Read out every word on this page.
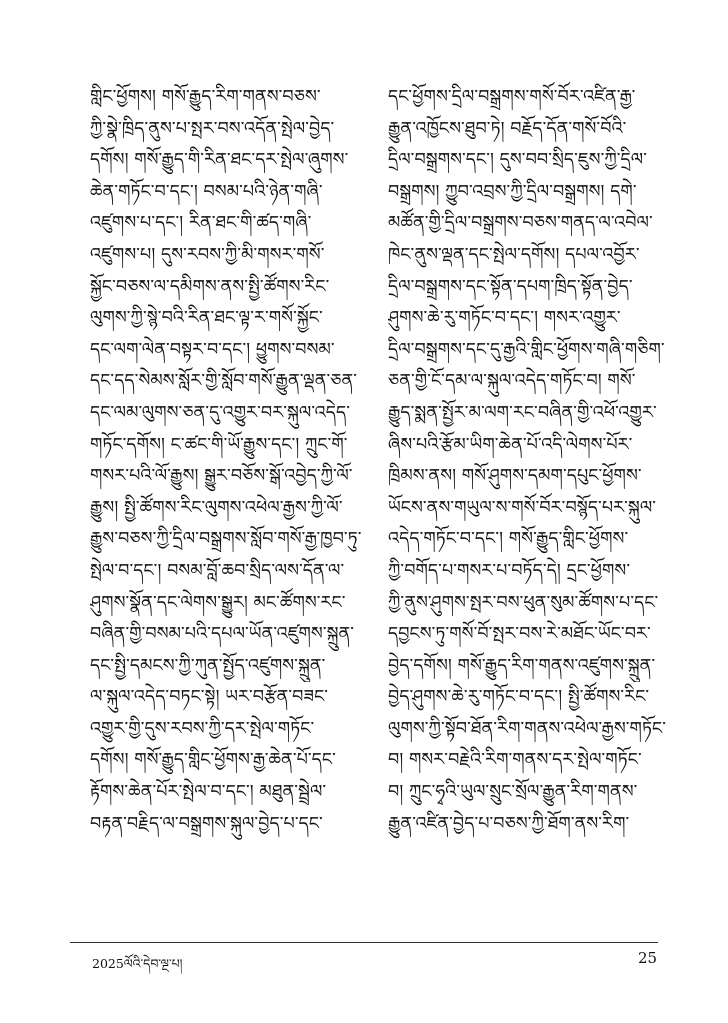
གླིང་ཕྱོགས། གསོ་རྒྱུད་རིག་གནས་བཅས་
ཀྱི་སྣེ་ཁྲིད་ནུས་པ་སྤར་བས་འདོན་སྤེལ་བྱེད་
དགོས། གསོ་རྒྱུད་གི་རིན་ཐང་དར་སྤེལ་ཞུགས་
ཆེན་གཏོང་བ་དང་། བསམ་པའི་ཉེན་གཞི་
འཛུགས་པ་དང་། རིན་ཐང་གི་ཚད་གཞི་
འཛུགས་པ། དུས་རབས་ཀྱི་མི་གསར་གསོ་
སྐྱོང་བཅས་ལ་དམིགས་ནས་སྤྱི་ཚོགས་རིང་
ལུགས་ཀྱི་སྙེ་བའི་རིན་ཐང་ལྟ་ར་གསོ་སྐྱོང་
དང་ལག་ལེན་བསྟར་བ་དང་། ཕྱུགས་བསམ་
དང་དད་སེམས་སློར་གྱི་སློབ་གསོ་རྒྱུན་ལྡན་ཅན་
དང་ལམ་ལུགས་ཅན་དུ་འགྱུར་བར་སྐུལ་འདེད་
གཏོང་དགོས། ང་ཚང་གི་ཡོ་རྒྱུས་དང་། ཀྲུང་གོ་
གསར་པའི་ལོ་རྒྱུས། སྒྱུར་བཅོས་སྒོ་འབྱེད་ཀྱི་ལོ་
རྒྱུས། སྤྱི་ཚོགས་རིང་ལུགས་འཕེལ་རྒྱས་ཀྱི་ལོ་
རྒྱུས་བཅས་ཀྱི་དྲིལ་བསྒྲགས་སློབ་གསོ་རྒྱ་ཁྱབ་ཏུ་
སྤེལ་བ་དང་། བསམ་བློ་ཆབ་སྲིད་ལས་དོན་ལ་
ཤུགས་སྣོན་དང་ལེགས་སྒྱུར། མང་ཚོགས་རང་
བཞིན་གྱི་བསམ་པའི་དཔལ་ཡོན་འཛུགས་སྐྲུན་
དང་སྤྱི་དམངས་ཀྱི་ཀུན་སྤྱོད་འཛུགས་སྐྲུན་
ལ་སྐུལ་འདེད་བཏང་སྟེ། ཡར་བརྩོན་བཟང་
འགྱུར་གྱི་དུས་རབས་ཀྱི་དར་སྤེལ་གཏོང་
དགོས། གསོ་རྒྱུད་གླིང་ཕྱོགས་རྒྱ་ཆེན་པོ་དང་
རྟོགས་ཆེན་པོར་སྤེལ་བ་དང་། མཐུན་སྦྲེལ་
བརྟན་བརྗིད་ལ་བསྒྲགས་སྐུལ་བྱེད་པ་དང་
དང་ཕྱོགས་དྲིལ་བསྒྲགས་གསོ་བོར་འཛིན་རྒྱ་
རྒྱུན་འཁྱོངས་ཐུབ་ཏེ། བརྗོད་དོན་གསོ་བོའི་
དྲིལ་བསྒྲགས་དང་། དུས་བབ་སྲིད་ཇུས་ཀྱི་དྲིལ་
བསྒྲགས། ཀྱུབ་འབྲས་ཀྱི་དྲིལ་བསྒྲགས། དགེ་
མཚོན་གྱི་དྲིལ་བསྒྲགས་བཅས་གནད་ལ་འབེལ་
ཁེང་ནུས་ལྡན་དང་སྤེལ་དགོས། དཔལ་འབྱོར་
དྲིལ་བསྒྲགས་དང་སྟོན་དཔག་ཁྲིད་སྟོན་བྱེད་
ཤུགས་ཆེ་རུ་གཏོང་བ་དང་། གསར་འགྱུར་
དྲིལ་བསྒྲགས་དང་དུ་རྒྱའི་གླིང་ཕྱོགས་གཞི་གཅིག་
ཅན་གྱི་ངོ་དམ་ལ་སྐུལ་འདེད་གཏོང་བ། གསོ་
རྒྱུད་སྨན་སྤྱོར་མ་ལག་རང་བཞིན་གྱི་འཕོ་འགྱུར་
ཞིས་པའི་རྩོམ་ཡིག་ཆེན་པོ་འདི་ལེགས་པོར་
ཁྲིམས་ནས། གསོ་ཤུགས་དམག་དཔུང་ཕྱོགས་
ཡོངས་ནས་གཡུལ་ས་གསོ་བོར་བསྙོད་པར་སྐུལ་
འདེད་གཏོང་བ་དང་། གསོ་རྒྱུད་གླིང་ཕྱོགས་
ཀྱི་བགོད་པ་གསར་པ་བཏོད་དེ། དྲང་ཕྱོགས་
ཀྱི་ནུས་ཤུགས་སྤར་བས་ཕུན་སུམ་ཚོགས་པ་དང་
དབྱངས་ཏུ་གསོ་བོ་སྤར་བས་རེ་མཐོང་ཡོང་བར་
བྱེད་དགོས། གསོ་རྒྱུད་རིག་གནས་འཛུགས་སྐྲུན་
བྱེད་ཤུགས་ཆེ་རུ་གཏོང་བ་དང་། སྤྱི་ཚོགས་རིང་
ལུགས་ཀྱི་སྟོབ་ཐོན་རིག་གནས་འཕེལ་རྒྱས་གཏོང་
བ། གསར་བརྗེའི་རིག་གནས་དར་སྤེལ་གཏོང་
བ། ཀྲུང་ཧྭའི་ཡུལ་སྲུང་སྲོལ་རྒྱུན་རིག་གནས་
རྒྱུན་འཛིན་བྱེད་པ་བཅས་ཀྱི་ཐོག་ནས་རིག་
2025ལོའི་དེབ་ལྔ་པ།	25
